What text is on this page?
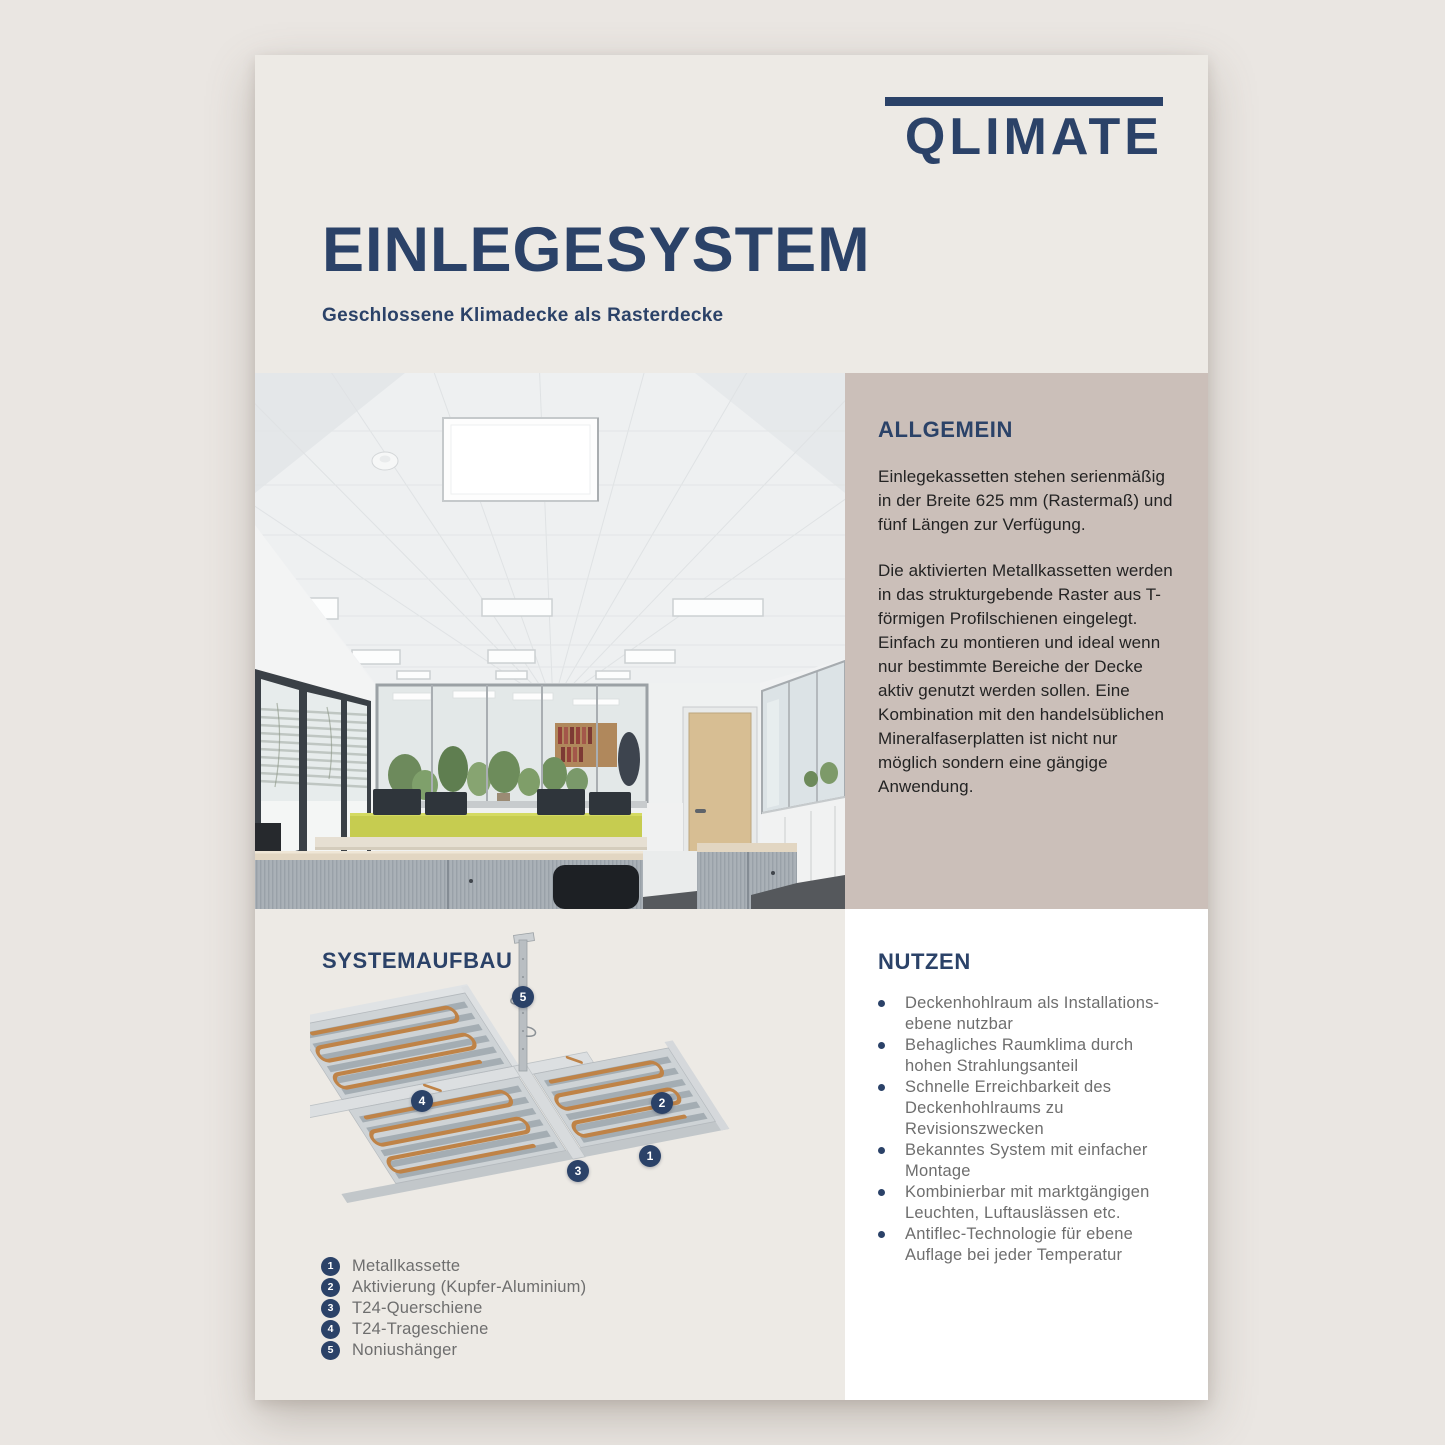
QLIMATE
EINLEGESYSTEM
Geschlossene Klimadecke als Rasterdecke
ALLGEMEIN

Einlegekassetten stehen serienmäßig in der Breite 625 mm (Rastermaß) und fünf Längen zur Verfügung.

Die aktivierten Metallkassetten werden in das strukturgebende Raster aus T-förmigen Profilschienen eingelegt. Einfach zu montieren und ideal wenn nur bestimmte Bereiche der Decke aktiv genutzt werden sollen. Eine Kombination mit den handelsüblichen Mineralfaserplatten ist nicht nur möglich sondern eine gängige Anwendung.

SYSTEMAUFBAU
1
2
3
4
5
1	Metallkassette
2	Aktivierung (Kupfer-Aluminium)
3	T24-Querschiene
4	T24-Trageschiene
5	Noniushänger
NUTZEN
Deckenhohlraum als Installations-ebene nutzbar
Behagliches Raumklima durch hohen Strahlungsanteil
Schnelle Erreichbarkeit des Deckenhohlraums zu Revisionszwecken
Bekanntes System mit einfacher Montage
Kombinierbar mit marktgängigen Leuchten, Luftauslässen etc.
Antiflec-Technologie für ebene Auflage bei jeder Temperatur
